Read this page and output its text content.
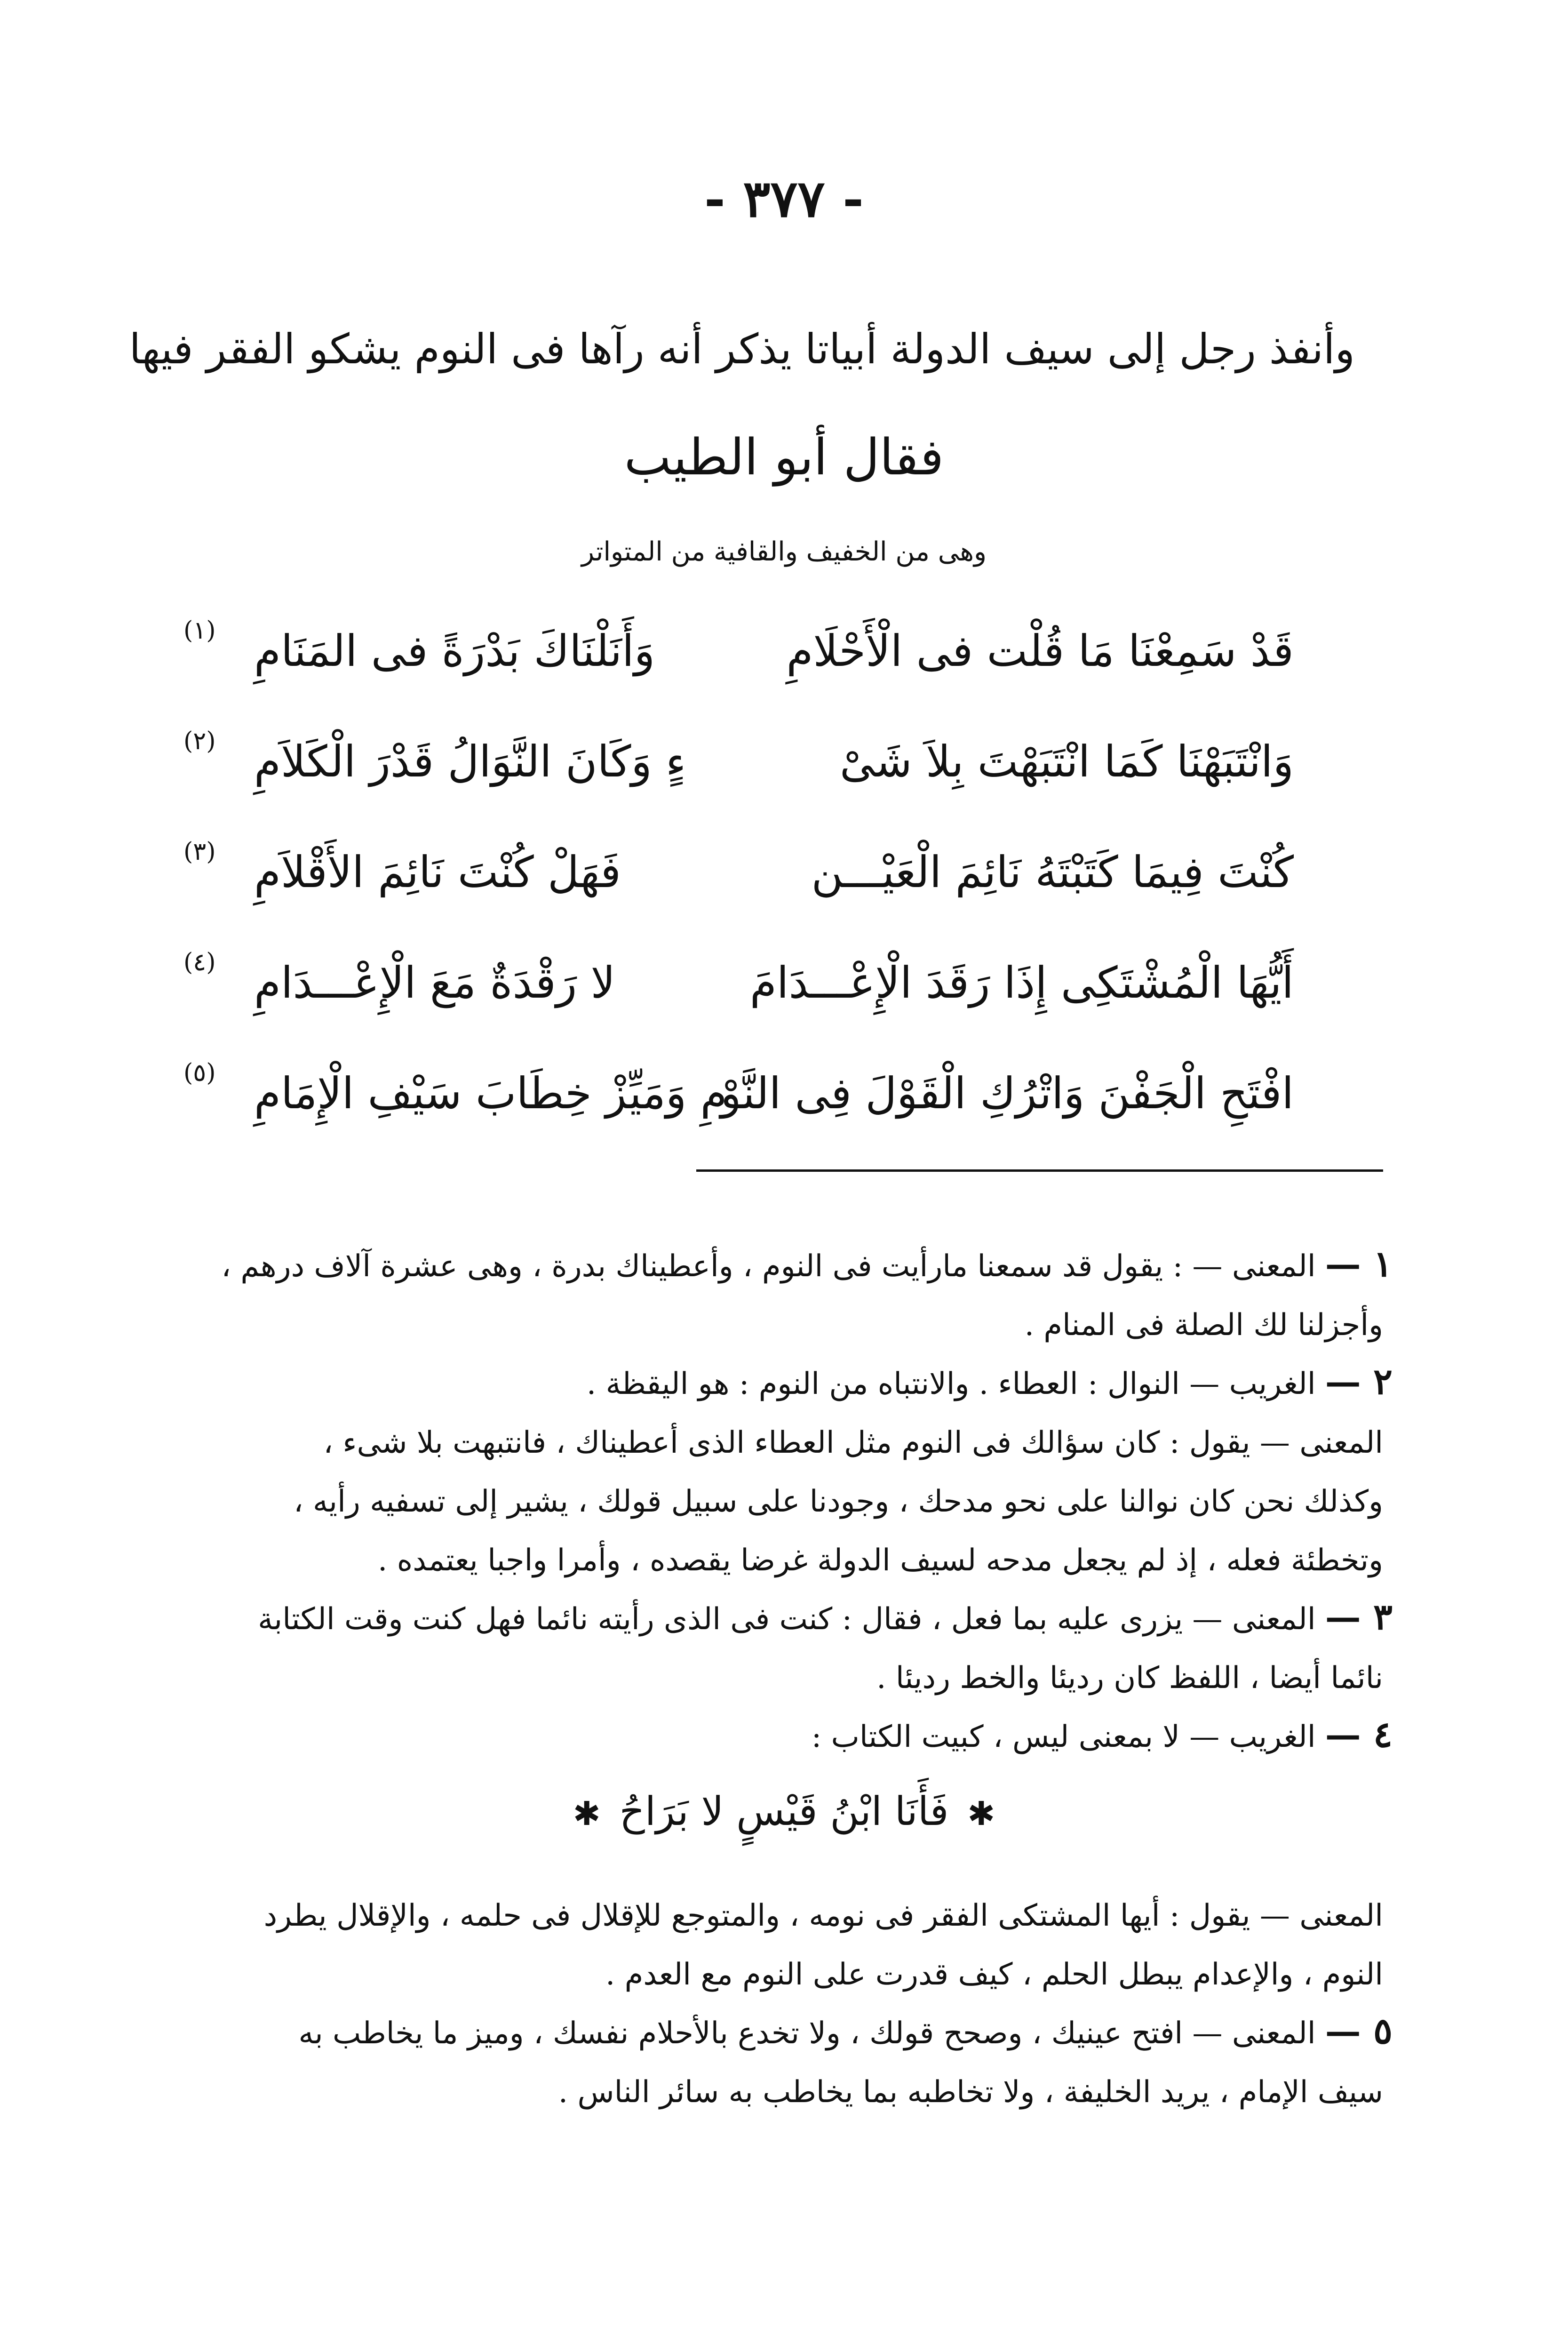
- ٣٧٧ -
وأنفذ رجل إلى سيف الدولة أبياتا يذكر أنه رآها فى النوم يشكو الفقر فيها
فقال أبو الطيب
وهى من الخفيف والقافية من المتواتر
قَدْ سَمِعْنَا مَا قُلْت فى الْأَحْلَامِ
وَأَنَلْنَاكَ بَدْرَةً فى المَنَامِ
(١)
وَانْتَبَهْنَا كَمَا انْتَبَهْتَ بِلاَ شَىْ
ءٍ وَكَانَ النَّوَالُ قَدْرَ الْكَلاَمِ
(٢)
كُنْتَ فِيمَا كَتَبْتَهُ نَائِمَ الْعَيْـــن
فَهَلْ كُنْتَ نَائِمَ الأَقْلاَمِ
(٣)
أَيُّهَا الْمُشْتَكِى إِذَا رَقَدَ الْإِعْـــدَامَ
لا رَقْدَةٌ مَعَ الْإِعْـــدَامِ
(٤)
افْتَحِ الْجَفْنَ وَاتْرُكِ الْقَوْلَ فِى النَّوْ
مِ وَمَيِّزْ خِطَابَ سَيْفِ الْإِمَامِ
(٥)
١ —المعنى — : يقول قد سمعنا مارأيت فى النوم ، وأعطيناك بدرة ، وهى عشرة آلاف درهم ،
وأجزلنا لك الصلة فى المنام .
٢ —الغريب — النوال : العطاء . والانتباه من النوم : هو اليقظة .
المعنى — يقول : كان سؤالك فى النوم مثل العطاء الذى أعطيناك ، فانتبهت بلا شىء ،
وكذلك نحن كان نوالنا على نحو مدحك ، وجودنا على سبيل قولك ، يشير إلى تسفيه رأيه ،
وتخطئة فعله ، إذ لم يجعل مدحه لسيف الدولة غرضا يقصده ، وأمرا واجبا يعتمده .
٣ —المعنى — يزرى عليه بما فعل ، فقال : كنت فى الذى رأيته نائما فهل كنت وقت الكتابة
نائما أيضا ، اللفظ كان رديئا والخط رديئا .
٤ —الغريب — لا بمعنى ليس ، كبيت الكتاب :
✱فَأَنَا ابْنُ قَيْسٍ لا بَرَاحُ✱
المعنى — يقول : أيها المشتكى الفقر فى نومه ، والمتوجع للإقلال فى حلمه ، والإقلال يطرد
النوم ، والإعدام يبطل الحلم ، كيف قدرت على النوم مع العدم .
٥ —المعنى — افتح عينيك ، وصحح قولك ، ولا تخدع بالأحلام نفسك ، وميز ما يخاطب به
سيف الإمام ، يريد الخليفة ، ولا تخاطبه بما يخاطب به سائر الناس .
